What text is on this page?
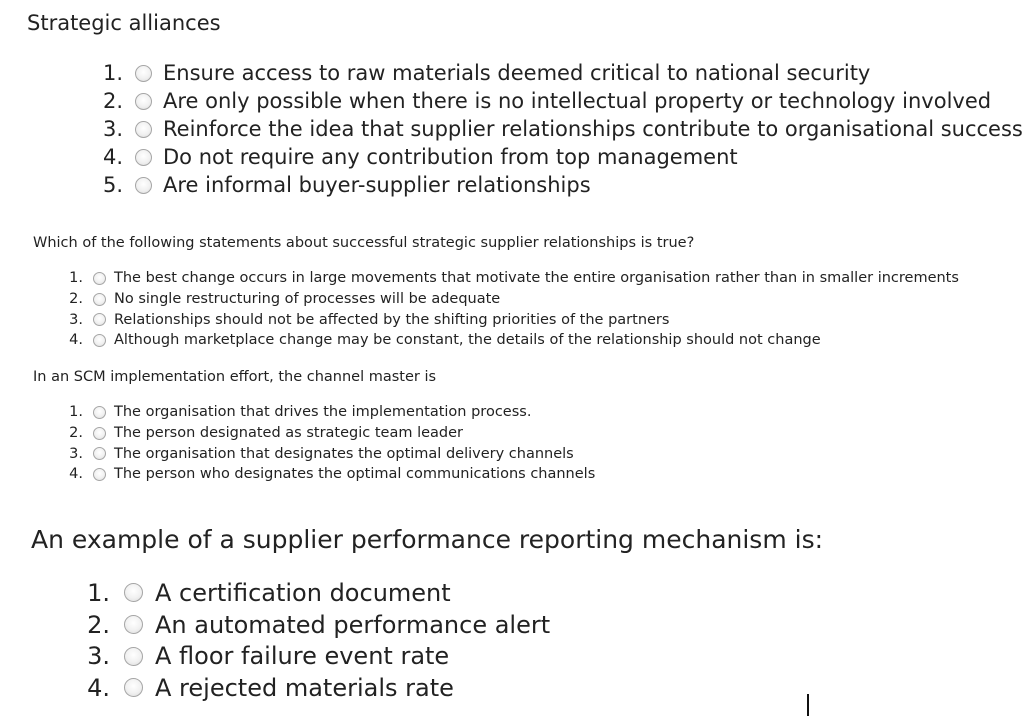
Strategic alliances
1.	Ensure access to raw materials deemed critical to national security
2.	Are only possible when there is no intellectual property or technology involved
3.	Reinforce the idea that supplier relationships contribute to organisational success
4.	Do not require any contribution from top management
5.	Are informal buyer-supplier relationships
Which of the following statements about successful strategic supplier relationships is true?
1.	The best change occurs in large movements that motivate the entire organisation rather than in smaller increments
2.	No single restructuring of processes will be adequate
3.	Relationships should not be affected by the shifting priorities of the partners
4.	Although marketplace change may be constant, the details of the relationship should not change
In an SCM implementation effort, the channel master is
1.	The organisation that drives the implementation process.
2.	The person designated as strategic team leader
3.	The organisation that designates the optimal delivery channels
4.	The person who designates the optimal communications channels
An example of a supplier performance reporting mechanism is:
1.	A certification document
2.	An automated performance alert
3.	A floor failure event rate
4.	A rejected materials rate
